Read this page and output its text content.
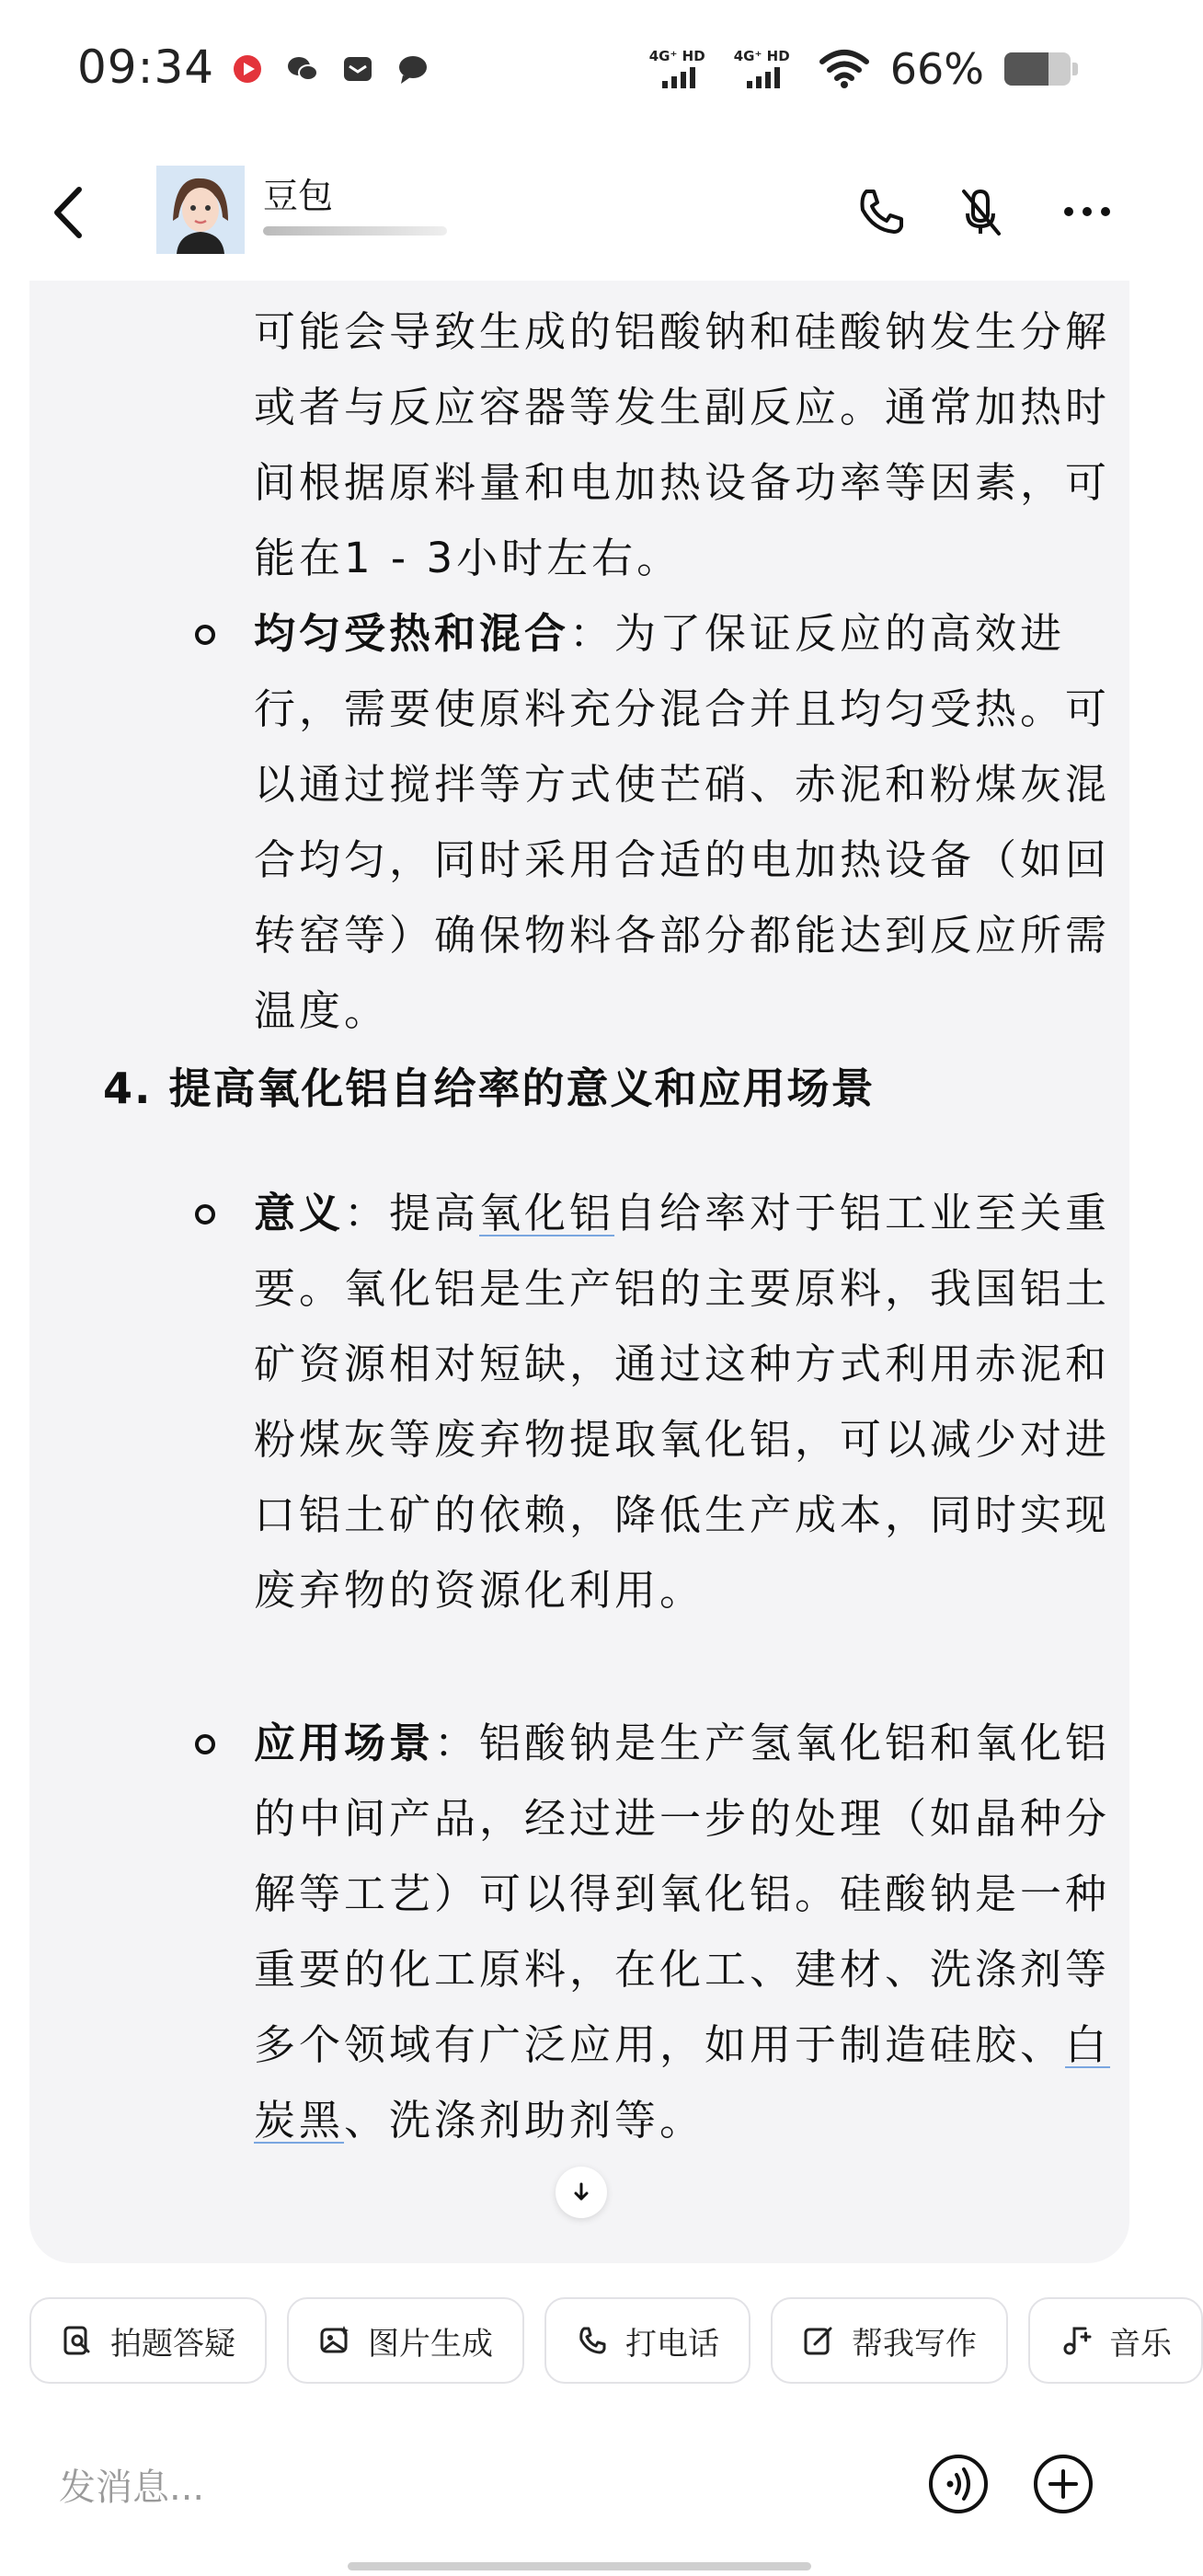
09:34	4G⁺ HD 4G⁺ HD 66%
豆包
可能会导致生成的铝酸钠和硅酸钠发生分解或者与反应容器等发生副反应。通常加热时间根据原料量和电加热设备功率等因素，可能在1 - 3小时左右。
均匀受热和混合：为了保证反应的高效进行，需要使原料充分混合并且均匀受热。可以通过搅拌等方式使芒硝、赤泥和粉煤灰混合均匀，同时采用合适的电加热设备（如回转窑等）确保物料各部分都能达到反应所需温度。
4. 提高氧化铝自给率的意义和应用场景
意义：提高氧化铝自给率对于铝工业至关重要。氧化铝是生产铝的主要原料，我国铝土矿资源相对短缺，通过这种方式利用赤泥和粉煤灰等废弃物提取氧化铝，可以减少对进口铝土矿的依赖，降低生产成本，同时实现废弃物的资源化利用。
应用场景：铝酸钠是生产氢氧化铝和氧化铝的中间产品，经过进一步的处理（如晶种分解等工艺）可以得到氧化铝。硅酸钠是一种重要的化工原料，在化工、建材、洗涤剂等多个领域有广泛应用，如用于制造硅胶、白炭黑、洗涤剂助剂等。
拍题答疑	图片生成	打电话	帮我写作	音乐
发消息...
